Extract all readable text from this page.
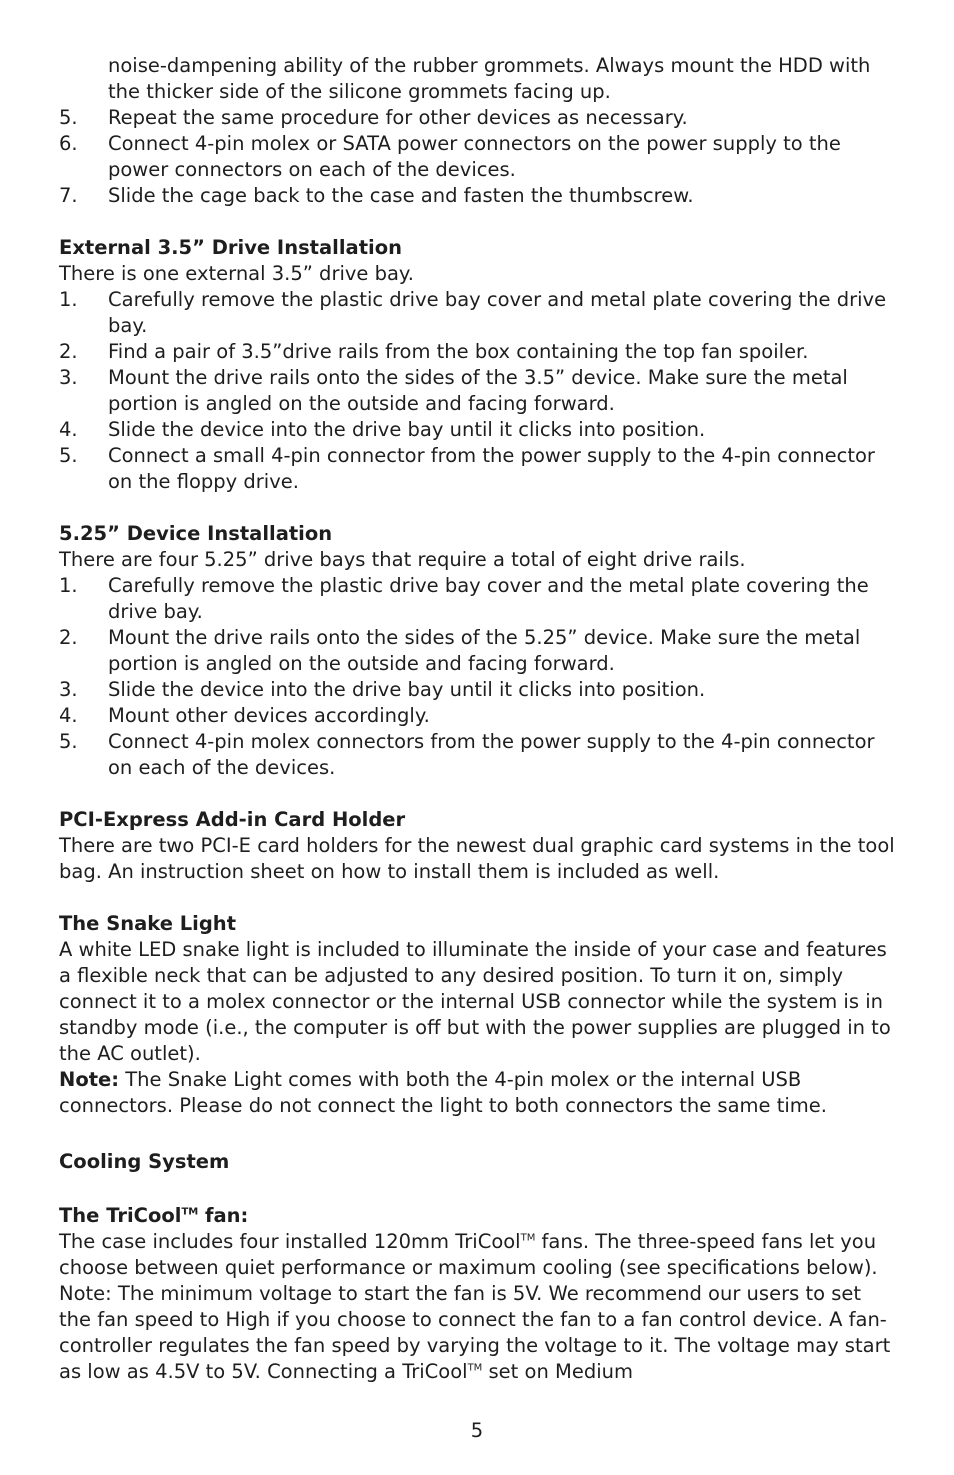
noise-dampening ability of the rubber grommets. Always mount the HDD with the thicker side of the silicone grommets facing up.
5.	Repeat the same procedure for other devices as necessary.
6.	Connect 4-pin molex or SATA power connectors on the power supply to the power connectors on each of the devices.
7.	Slide the cage back to the case and fasten the thumbscrew.
External 3.5” Drive Installation
There is one external 3.5” drive bay.
1.	Carefully remove the plastic drive bay cover and metal plate covering the drive bay.
2.	Find a pair of 3.5”drive rails from the box containing the top fan spoiler.
3.	Mount the drive rails onto the sides of the 3.5” device. Make sure the metal portion is angled on the outside and facing forward.
4.	Slide the device into the drive bay until it clicks into position.
5.	Connect a small 4-pin connector from the power supply to the 4-pin connector on the floppy drive.
5.25” Device Installation
There are four 5.25” drive bays that require a total of eight drive rails.
1.	Carefully remove the plastic drive bay cover and the metal plate covering the drive bay.
2.	Mount the drive rails onto the sides of the 5.25” device. Make sure the metal portion is angled on the outside and facing forward.
3.	Slide the device into the drive bay until it clicks into position.
4.	Mount other devices accordingly.
5.	Connect 4-pin molex connectors from the power supply to the 4-pin connector on each of the devices.
PCI-Express Add-in Card Holder
There are two PCI-E card holders for the newest dual graphic card systems in the tool bag. An instruction sheet on how to install them is included as well.
The Snake Light
A white LED snake light is included to illuminate the inside of your case and features a flexible neck that can be adjusted to any desired position. To turn it on, simply connect it to a molex connector or the internal USB connector while the system is in standby mode (i.e., the computer is off but with the power supplies are plugged in to the AC outlet).
Note: The Snake Light comes with both the 4-pin molex or the internal USB connectors. Please do not connect the light to both connectors the same time.
Cooling System
The TriCool™ fan:
The case includes four installed 120mm TriCool™ fans. The three-speed fans let you choose between quiet performance or maximum cooling (see specifications below). Note: The minimum voltage to start the fan is 5V. We recommend our users to set the fan speed to High if you choose to connect the fan to a fan control device. A fan-controller regulates the fan speed by varying the voltage to it. The voltage may start as low as 4.5V to 5V. Connecting a TriCool™ set on Medium
5
